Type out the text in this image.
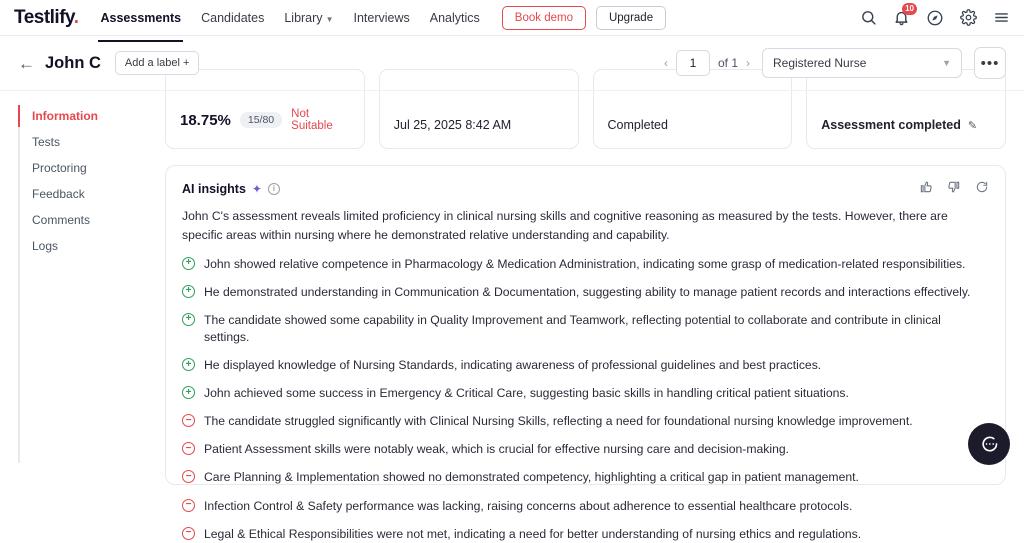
Testlify. Assessments Candidates Library ▼ Interviews Analytics	Book demo	Upgrade
10
← John C	Add a label +	‹
1	of 1 › Registered Nurse	▼	•••
Information
Tests
Proctoring
Feedback
Comments
Logs
18.75%	15/80	Not Suitable	Jul 25, 2025 8:42 AM	Completed	Assessment completed ✎
AI insights ✦	i
John C's assessment reveals limited proficiency in clinical nursing skills and cognitive reasoning as measured by the tests. However, there are specific areas within nursing where he demonstrated relative understanding and capability.
+ John showed relative competence in Pharmacology & Medication Administration, indicating some grasp of medication-related responsibilities.
+ He demonstrated understanding in Communication & Documentation, suggesting ability to manage patient records and interactions effectively.
+ The candidate showed some capability in Quality Improvement and Teamwork, reflecting potential to collaborate and contribute in clinical settings.
+ He displayed knowledge of Nursing Standards, indicating awareness of professional guidelines and best practices.
+ John achieved some success in Emergency & Critical Care, suggesting basic skills in handling critical patient situations.
− The candidate struggled significantly with Clinical Nursing Skills, reflecting a need for foundational nursing knowledge improvement.
− Patient Assessment skills were notably weak, which is crucial for effective nursing care and decision-making.
− Care Planning & Implementation showed no demonstrated competency, highlighting a critical gap in patient management.
− Infection Control & Safety performance was lacking, raising concerns about adherence to essential healthcare protocols.
− Legal & Ethical Responsibilities were not met, indicating a need for better understanding of nursing ethics and regulations.
